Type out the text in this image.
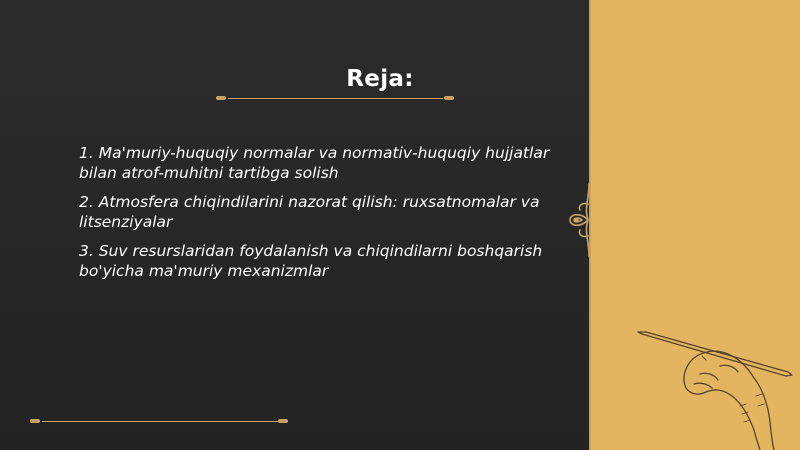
Reja:
1. Ma'muriy-huquqiy normalar va normativ-huquqiy hujjatlar bilan atrof-muhitni tartibga solish
2. Atmosfera chiqindilarini nazorat qilish: ruxsatnomalar va litsenziyalar
3. Suv resurslaridan foydalanish va chiqindilarni boshqarish bo'yicha ma'muriy mexanizmlar
